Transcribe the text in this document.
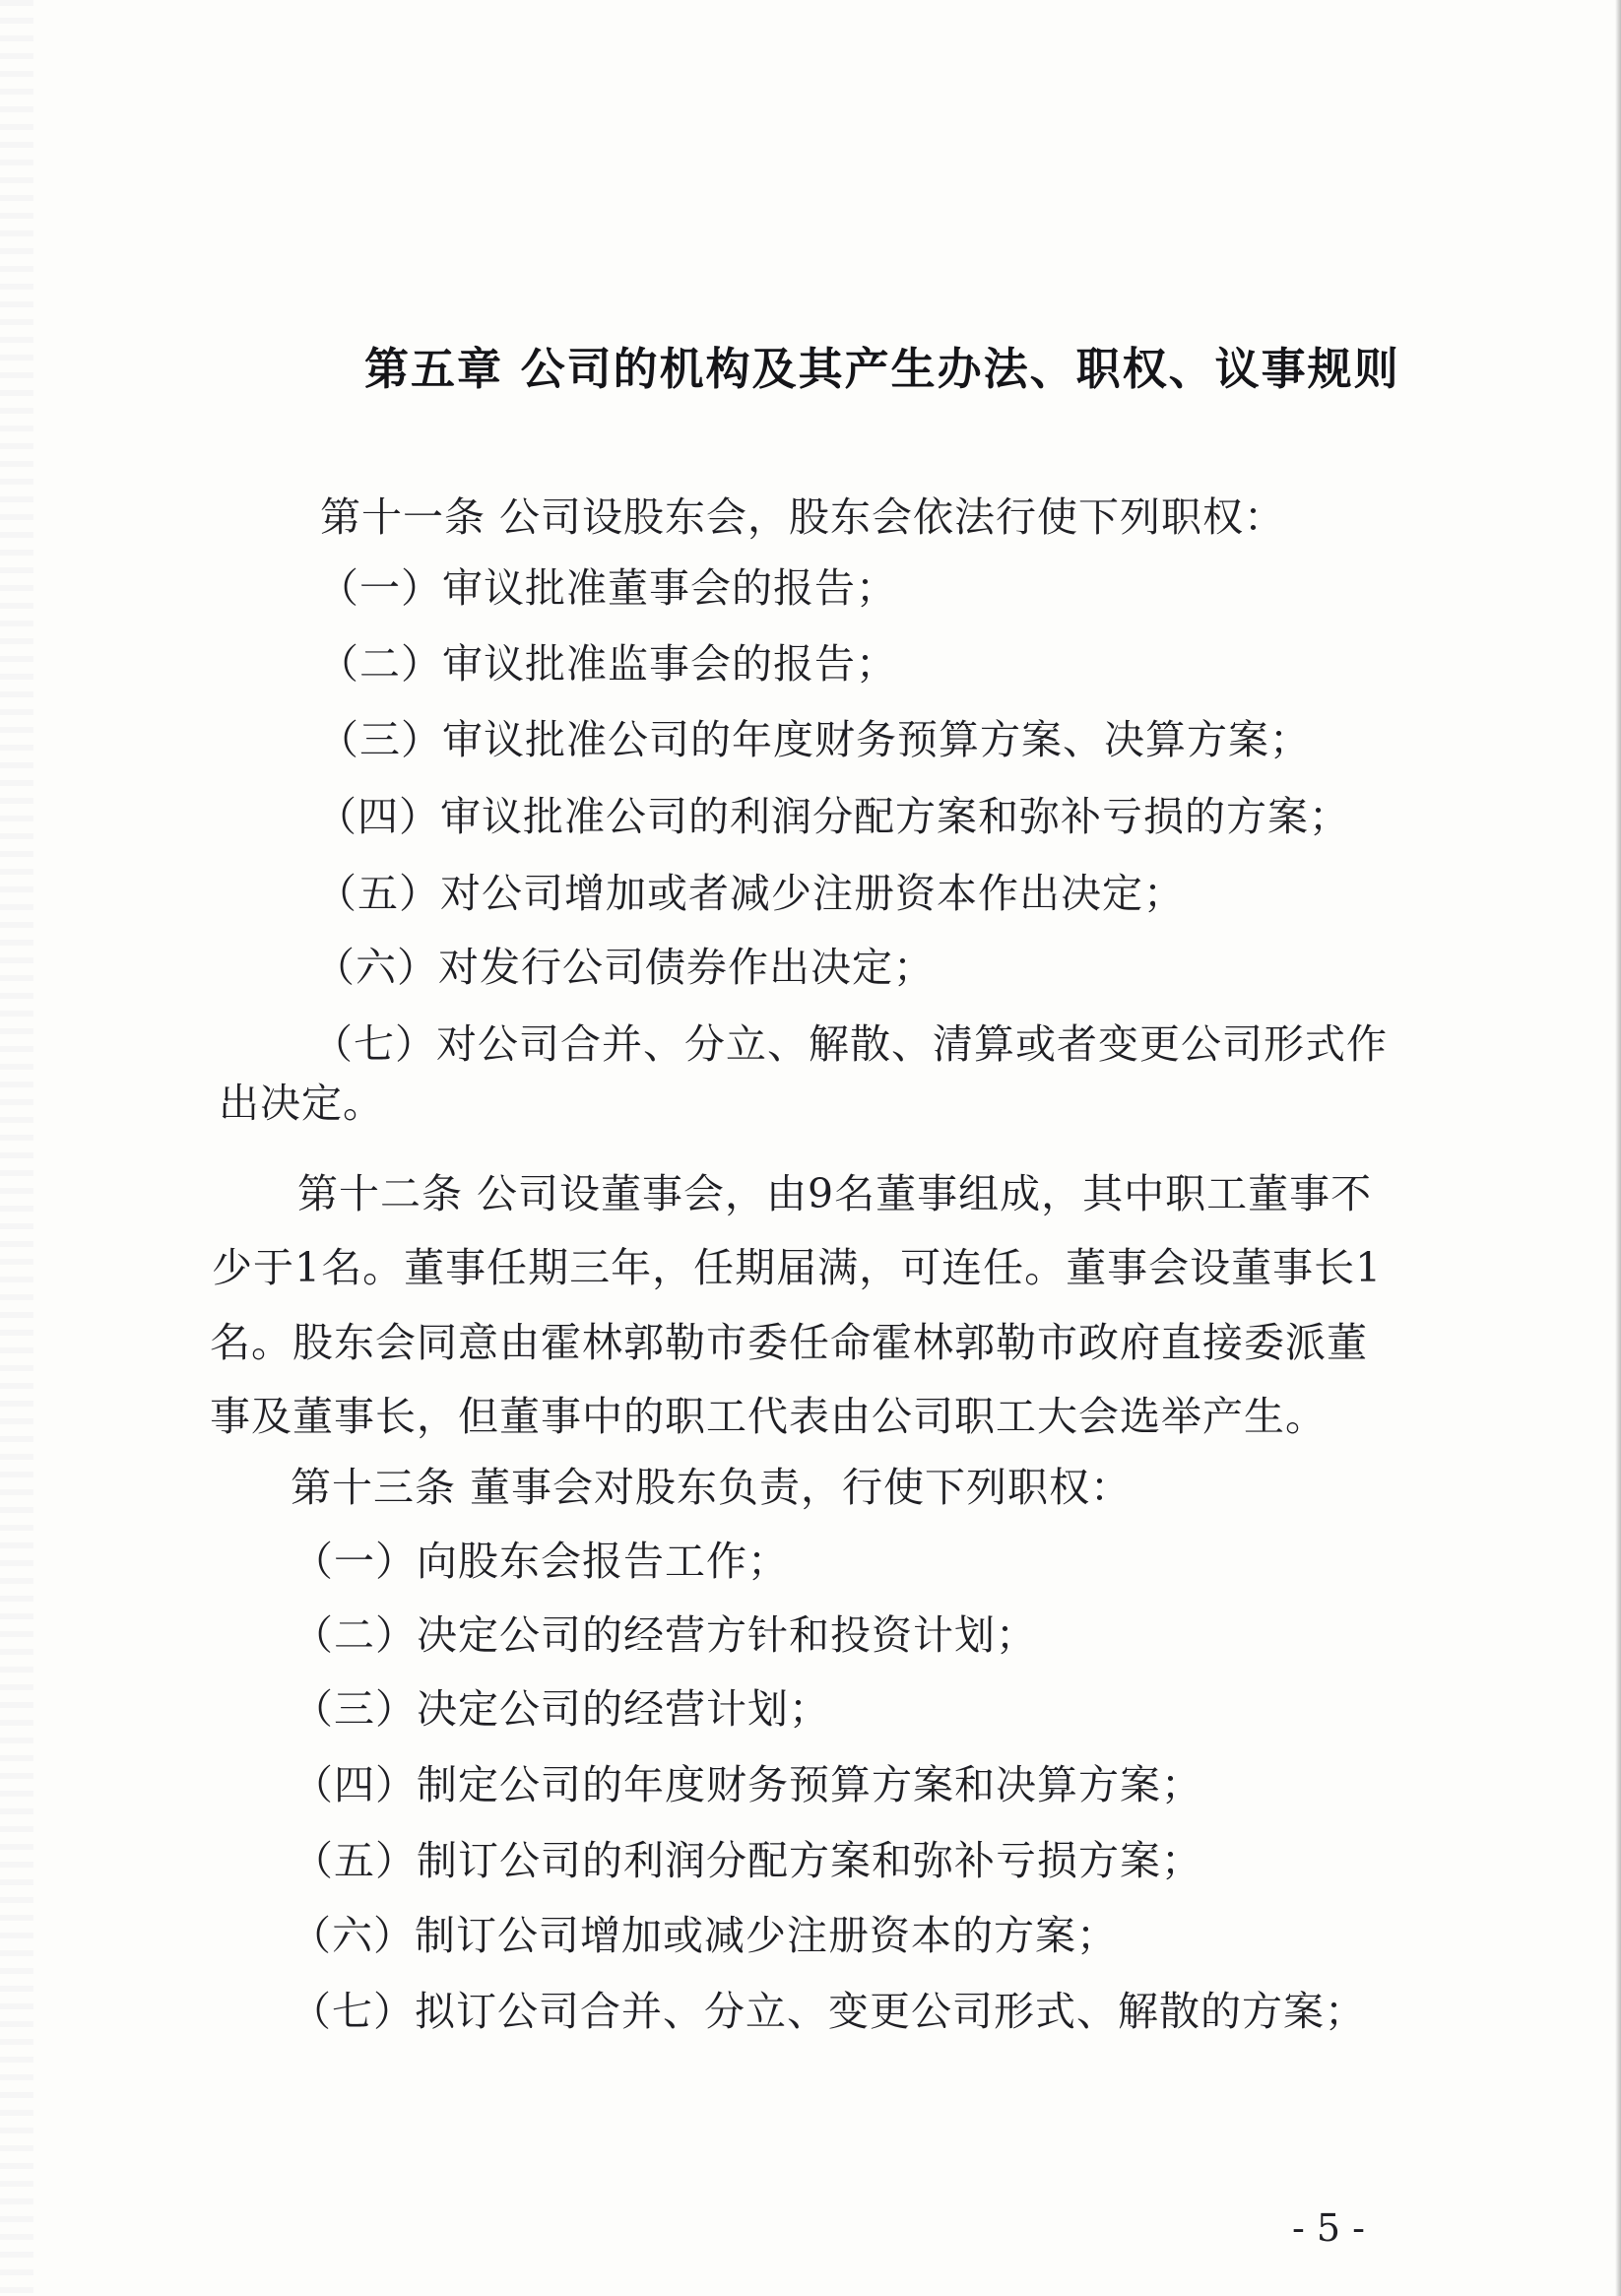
第五章 公司的机构及其产生办法、职权、议事规则
第十一条 公司设股东会，股东会依法行使下列职权：
（一）审议批准董事会的报告；
（二）审议批准监事会的报告；
（三）审议批准公司的年度财务预算方案、决算方案；
（四）审议批准公司的利润分配方案和弥补亏损的方案；
（五）对公司增加或者减少注册资本作出决定；
（六）对发行公司债券作出决定；
（七）对公司合并、分立、解散、清算或者变更公司形式作
出决定。
第十二条 公司设董事会，由9名董事组成，其中职工董事不
少于1名。董事任期三年，任期届满，可连任。董事会设董事长1
名。股东会同意由霍林郭勒市委任命霍林郭勒市政府直接委派董
事及董事长，但董事中的职工代表由公司职工大会选举产生。
第十三条 董事会对股东负责，行使下列职权：
（一）向股东会报告工作；
（二）决定公司的经营方针和投资计划；
（三）决定公司的经营计划；
（四）制定公司的年度财务预算方案和决算方案；
（五）制订公司的利润分配方案和弥补亏损方案；
（六）制订公司增加或减少注册资本的方案；
（七）拟订公司合并、分立、变更公司形式、解散的方案；
- 5 -
